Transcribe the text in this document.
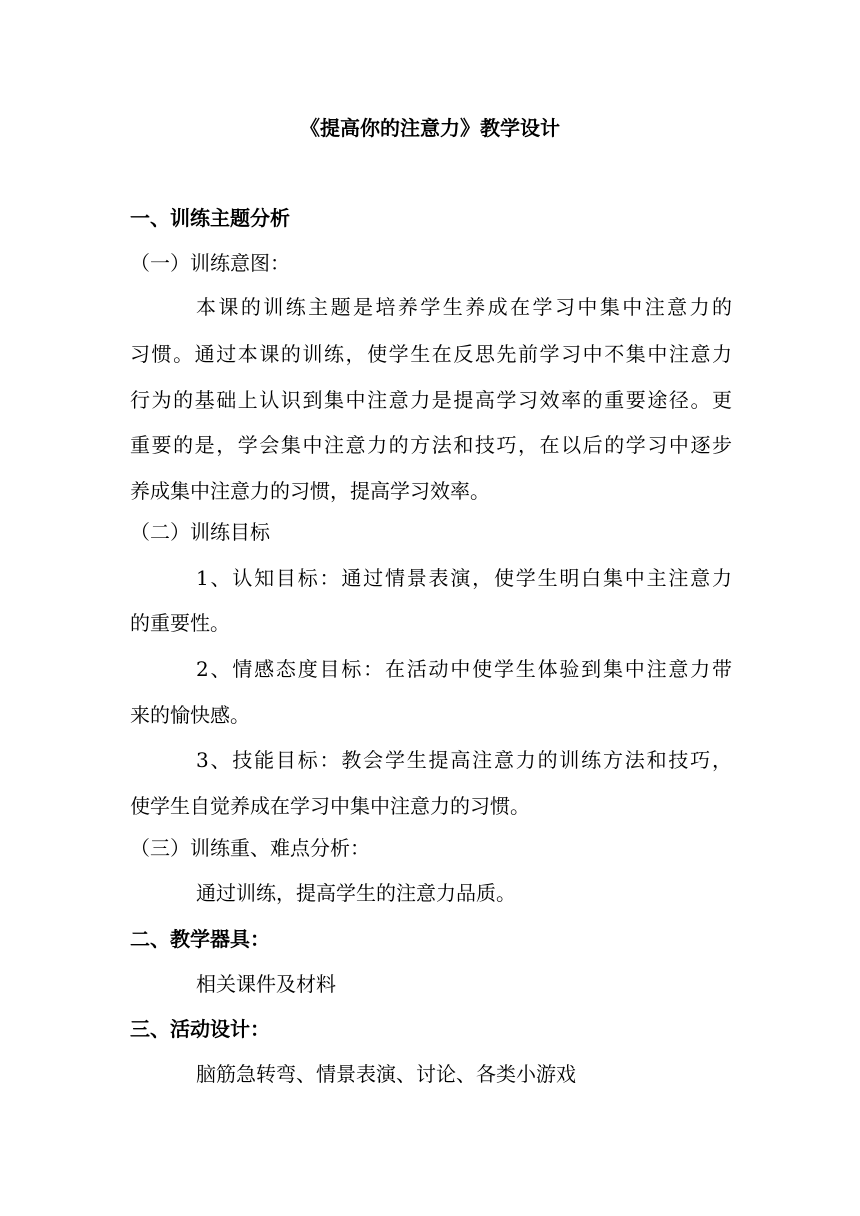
《提高你的注意力》教学设计
一、训练主题分析
（一）训练意图：
本课的训练主题是培养学生养成在学习中集中注意力的
习惯。通过本课的训练，使学生在反思先前学习中不集中注意力
行为的基础上认识到集中注意力是提高学习效率的重要途径。更
重要的是，学会集中注意力的方法和技巧，在以后的学习中逐步
养成集中注意力的习惯，提高学习效率。
（二）训练目标
1、认知目标：通过情景表演，使学生明白集中主注意力
的重要性。
2、情感态度目标：在活动中使学生体验到集中注意力带
来的愉快感。
3、技能目标：教会学生提高注意力的训练方法和技巧，
使学生自觉养成在学习中集中注意力的习惯。
（三）训练重、难点分析：
通过训练，提高学生的注意力品质。
二、教学器具：
相关课件及材料
三、活动设计：
脑筋急转弯、情景表演、讨论、各类小游戏
